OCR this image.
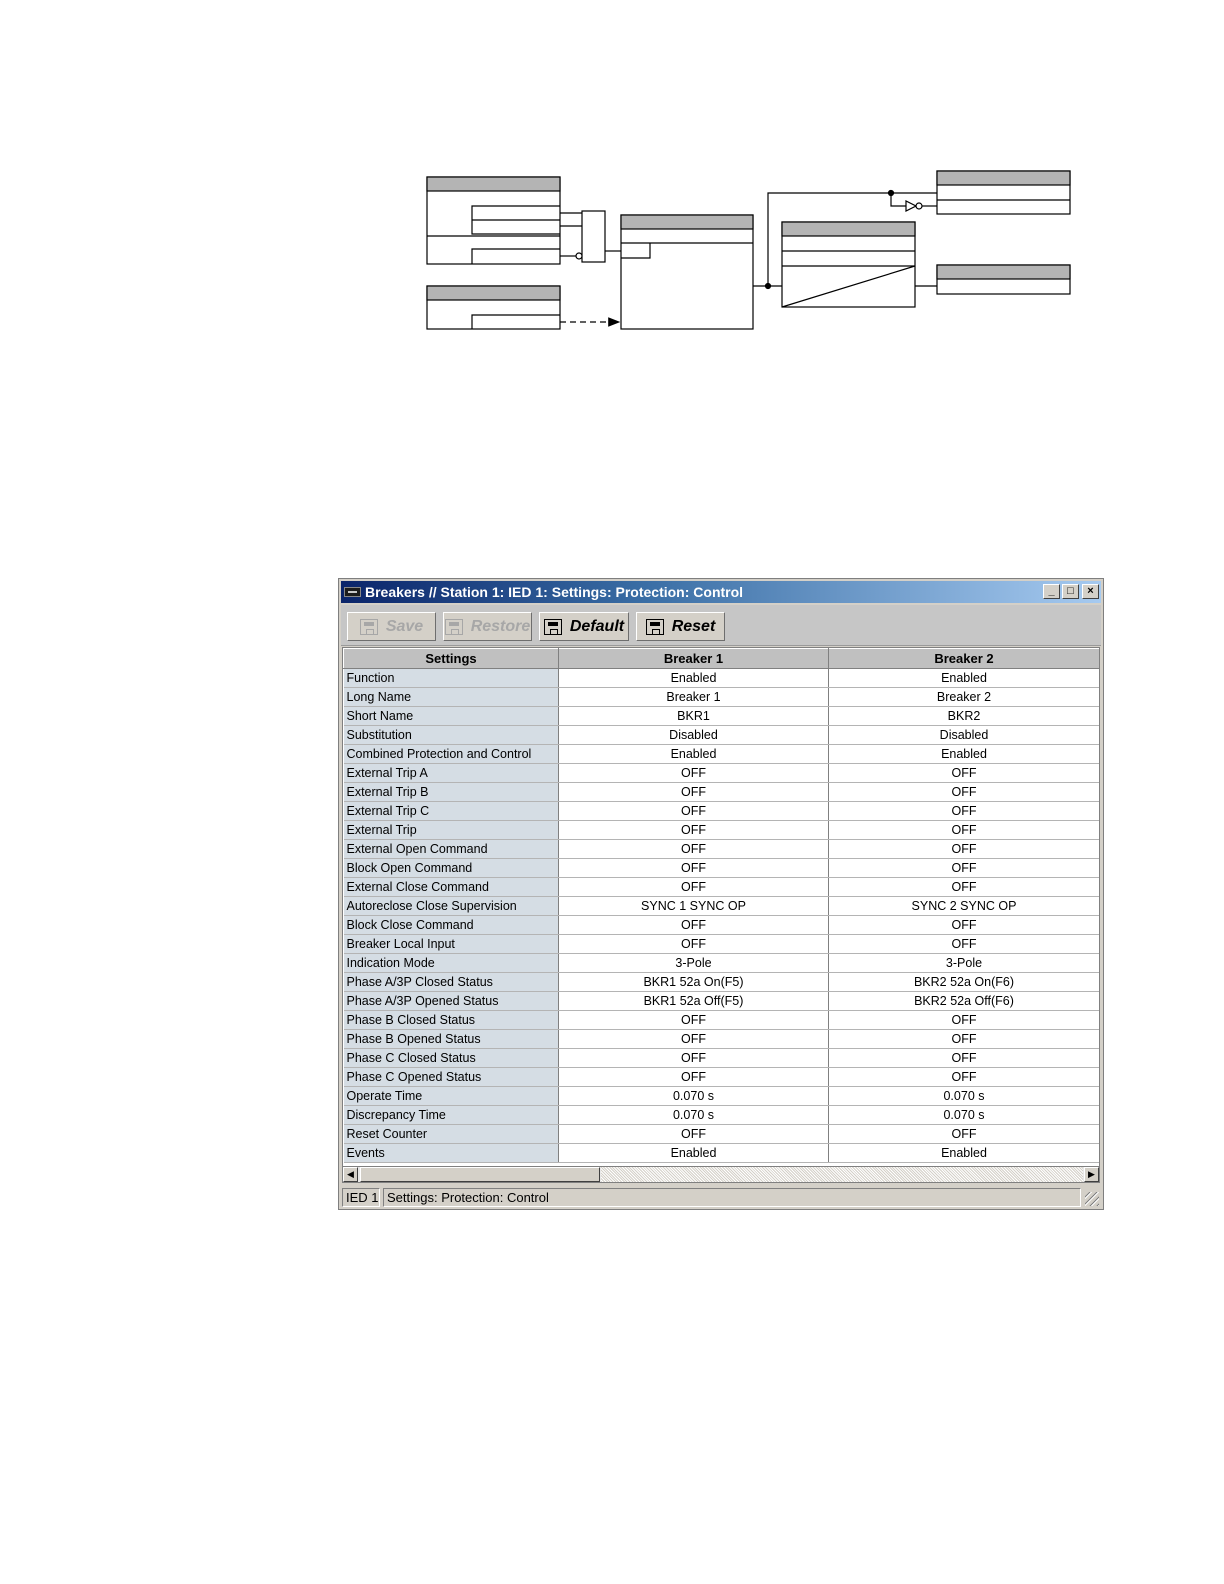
Breakers // Station 1: IED 1: Settings: Protection: Control	_	□	×
Save	Restore Default	Reset
Settings	Breaker 1	Breaker 2
Function	Enabled	Enabled
Long Name	Breaker 1	Breaker 2
Short Name	BKR1	BKR2
Substitution	Disabled	Disabled
Combined Protection and Control	Enabled	Enabled
External Trip A	OFF	OFF
External Trip B	OFF	OFF
External Trip C	OFF	OFF
External Trip	OFF	OFF
External Open Command	OFF	OFF
Block Open Command	OFF	OFF
External Close Command	OFF	OFF
Autoreclose Close Supervision	SYNC 1 SYNC OP	SYNC 2 SYNC OP
Block Close Command	OFF	OFF
Breaker Local Input	OFF	OFF
Indication Mode	3-Pole	3-Pole
Phase A/3P Closed Status	BKR1 52a On(F5)	BKR2 52a On(F6)
Phase A/3P Opened Status	BKR1 52a Off(F5)	BKR2 52a Off(F6)
Phase B Closed Status	OFF	OFF
Phase B Opened Status	OFF	OFF
Phase C Closed Status	OFF	OFF
Phase C Opened Status	OFF	OFF
Operate Time	0.070 s	0.070 s
Discrepancy Time	0.070 s	0.070 s
Reset Counter	OFF	OFF
Events	Enabled	Enabled
◀	▶
IED 1 Settings: Protection: Control
